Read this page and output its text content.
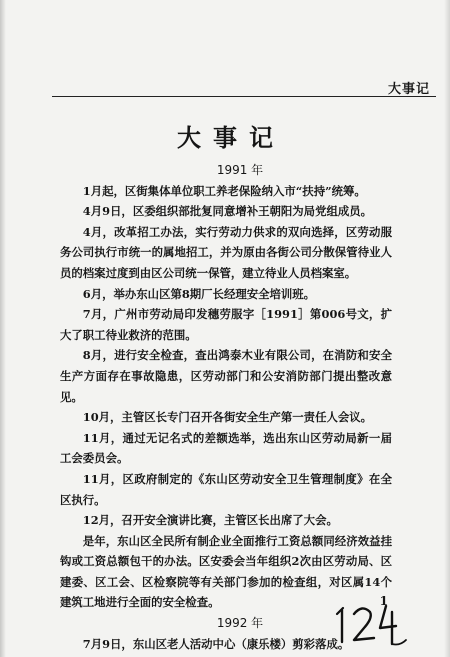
大事记
大事记
1991 年

1月起，区街集体单位职工养老保险纳入市“扶持”统筹。

4月9日，区委组织部批复同意增补王朝阳为局党组成员。

4月，改革招工办法，实行劳动力供求的双向选择，区劳动服务公司执行市统一的属地招工，并为原由各街公司分散保管待业人员的档案过度到由区公司统一保管，建立待业人员档案室。

6月，举办东山区第8期厂长经理安全培训班。

7月，广州市劳动局印发穗劳服字［1991］第006号文，扩大了职工待业救济的范围。

8月，进行安全检查，查出鸿泰木业有限公司，在消防和安全生产方面存在事故隐患，区劳动部门和公安消防部门提出整改意见。

10月，主管区长专门召开各街安全生产第一责任人会议。

11月，通过无记名式的差额选举，选出东山区劳动局新一届工会委员会。

11月，区政府制定的《东山区劳动安全卫生管理制度》在全区执行。

12月，召开安全演讲比赛，主管区长出席了大会。

是年，东山区全民所有制企业全面推行工资总额同经济效益挂钩或工资总额包干的办法。区安委会当年组织2次由区劳动局、区建委、区工会、区检察院等有关部门参加的检查组，对区属14个建筑工地进行全面的安全检查。

1992 年

7月9日，东山区老人活动中心（康乐楼）剪彩落成。

1
